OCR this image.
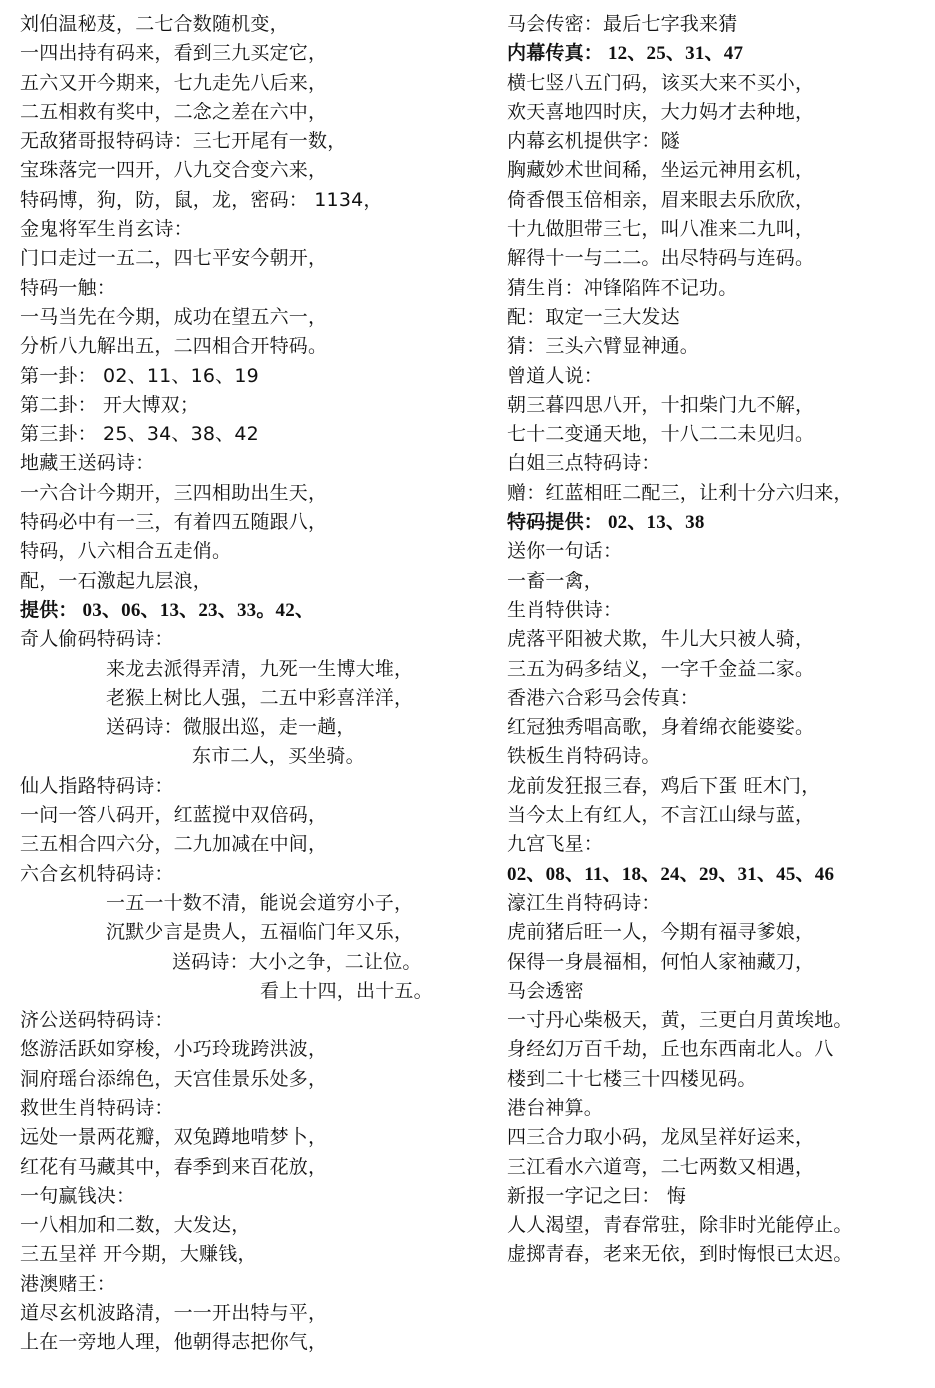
刘伯温秘芨，二七合数随机变，
一四出持有码来，看到三九买定它，
五六又开今期来，七九走先八后来，
二五相救有奖中，二念之差在六中，
无敌猪哥报特码诗：三七开尾有一数，
宝珠落完一四开，八九交合变六来，
特码博，狗，防，鼠，龙，密码： 1134，
金鬼将军生肖玄诗：
门口走过一五二，四七平安今朝开，
特码一触：
一马当先在今期，成功在望五六一，
分析八九解出五，二四相合开特码。
第一卦： 02、11、16、19
第二卦： 开大博双；
第三卦： 25、34、38、42
地藏王送码诗：
一六合计今期开，三四相助出生天，
特码必中有一三，有着四五随跟八，
特码，八六相合五走俏。
配，一石激起九层浪，
提供： 03、06、13、23、33。42、
奇人偷码特码诗：
来龙去派得弄清，九死一生博大堆，
老猴上树比人强，二五中彩喜洋洋，
送码诗：微服出巡，走一趟，
东市二人，买坐骑。
仙人指路特码诗：
一问一答八码开，红蓝搅中双倍码，
三五相合四六分，二九加减在中间，
六合玄机特码诗：
一五一十数不清，能说会道穷小子，
沉默少言是贵人，五福临门年又乐，
送码诗：大小之争，二让位。
看上十四，出十五。
济公送码特码诗：
悠游活跃如穿梭，小巧玲珑跨洪波，
洞府瑶台添绵色，天宫佳景乐处多，
救世生肖特码诗：
远处一景两花瓣，双兔蹲地啃梦卜，
红花有马藏其中，春季到来百花放，
一句赢钱决：
一八相加和二数，大发达，
三五呈祥 开今期，大赚钱，
港澳赌王：
道尽玄机波路清，一一开出特与平，
上在一旁地人理，他朝得志把你气，
马会传密：最后七字我来猜
内幕传真： 12、25、31、47
横七竖八五门码，该买大来不买小，
欢天喜地四时庆，大力妈才去种地，
内幕玄机提供字：隧
胸藏妙术世间稀，坐运元神用玄机，
倚香偎玉倍相亲，眉来眼去乐欣欣，
十九做胆带三七，叫八准来二九叫，
解得十一与二二。出尽特码与连码。
猜生肖：冲锋陷阵不记功。
配：取定一三大发达
猜：三头六臂显神通。
曾道人说：
朝三暮四思八开，十扣柴门九不解，
七十二变通天地，十八二二未见归。
白姐三点特码诗：
赠：红蓝相旺二配三，让利十分六归来，
特码提供： 02、13、38
送你一句话：
一畜一禽，
生肖特供诗：
虎落平阳被犬欺，牛儿大只被人骑，
三五为码多结义，一字千金益二家。
香港六合彩马会传真：
红冠独秀唱高歌，身着绵衣能婆娑。
铁板生肖特码诗。
龙前发狂报三春，鸡后下蛋 旺木门，
当今太上有红人，不言江山绿与蓝，
九宫飞星：
02、08、11、18、24、29、31、45、46
濠江生肖特码诗：
虎前猪后旺一人，今期有福寻爹娘，
保得一身晨福相，何怕人家袖藏刀，
马会透密
一寸丹心柴极天，黄，三更白月黄埃地。
身经幻万百千劫，丘也东西南北人。八
楼到二十七楼三十四楼见码。
港台神算。
四三合力取小码，龙凤呈祥好运来，
三江看水六道弯，二七两数又相遇，
新报一字记之曰： 悔
人人渴望，青春常驻，除非时光能停止。
虚掷青春，老来无依，到时悔恨已太迟。
